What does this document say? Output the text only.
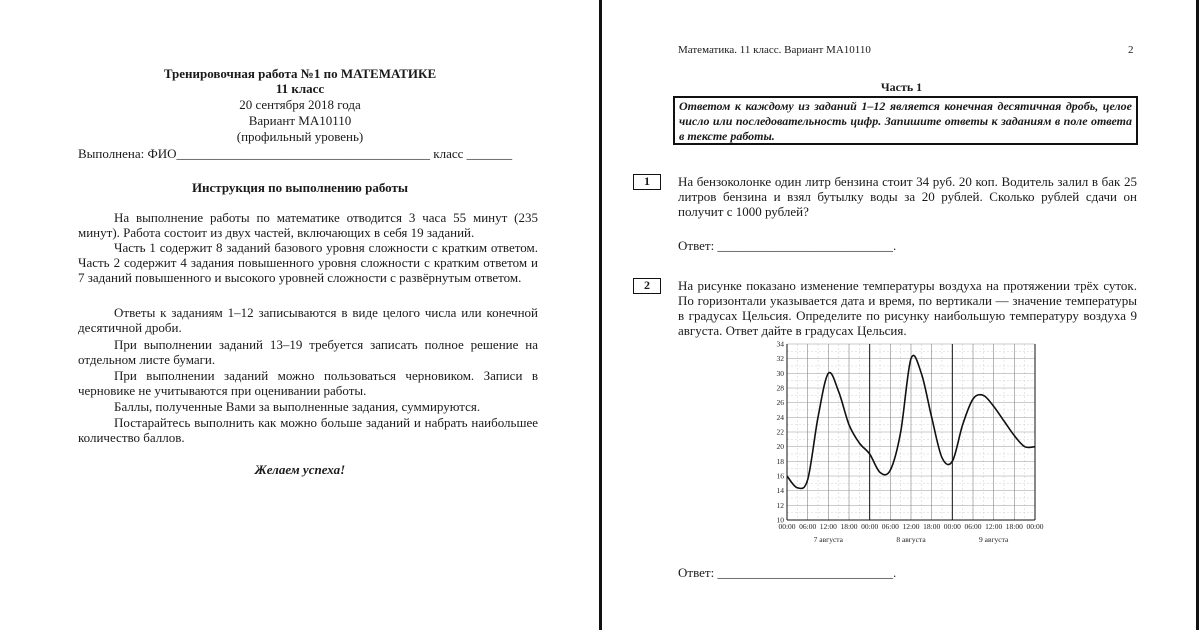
Тренировочная работа №1 по МАТЕМАТИКЕ
11 класс
20 сентября 2018 года
Вариант МА10110
(профильный уровень)
Выполнена: ФИО_______________________________________ класс _______
Инструкция по выполнению работы
На выполнение работы по математике отводится 3 часа 55 минут (235 минут). Работа состоит из двух частей, включающих в себя 19 заданий.
Часть 1 содержит 8 заданий базового уровня сложности с кратким ответом. Часть 2 содержит 4 задания повышенного уровня сложности с кратким ответом и 7 заданий повышенного и высокого уровней сложности с развёрнутым ответом.
Ответы к заданиям 1–12 записываются в виде целого числа или конечной десятичной дроби.
При выполнении заданий 13–19 требуется записать полное решение на отдельном листе бумаги.
При выполнении заданий можно пользоваться черновиком. Записи в черновике не учитываются при оценивании работы.
Баллы, полученные Вами за выполненные задания, суммируются.
Постарайтесь выполнить как можно больше заданий и набрать наибольшее количество баллов.
Желаем успеха!
Математика. 11 класс. Вариант МА10110	2
Часть 1
Ответом к каждому из заданий 1–12 является конечная десятичная дробь, целое число или последовательность цифр. Запишите ответы к заданиям в поле ответа в тексте работы.
1	На бензоколонке один литр бензина стоит 34 руб. 20 коп. Водитель залил в бак 25 литров бензина и взял бутылку воды за 20 рублей. Сколько рублей сдачи он получит с 1000 рублей?
Ответ: ___________________________.
2	На рисунке показано изменение температуры воздуха на протяжении трёх суток. По горизонтали указывается дата и время, по вертикали — значение температуры в градусах Цельсия. Определите по рисунку наибольшую температуру воздуха 9 августа. Ответ дайте в градусах Цельсия.
10
12
14
16
18
20
22
24
26
28
30
32
34
00:00 06:00 12:00 18:00 00:00 06:00 12:00 18:00 00:00 06:00 12:00 18:00 00:00
7 августа	8 августа	9 августа
Ответ: ___________________________.
